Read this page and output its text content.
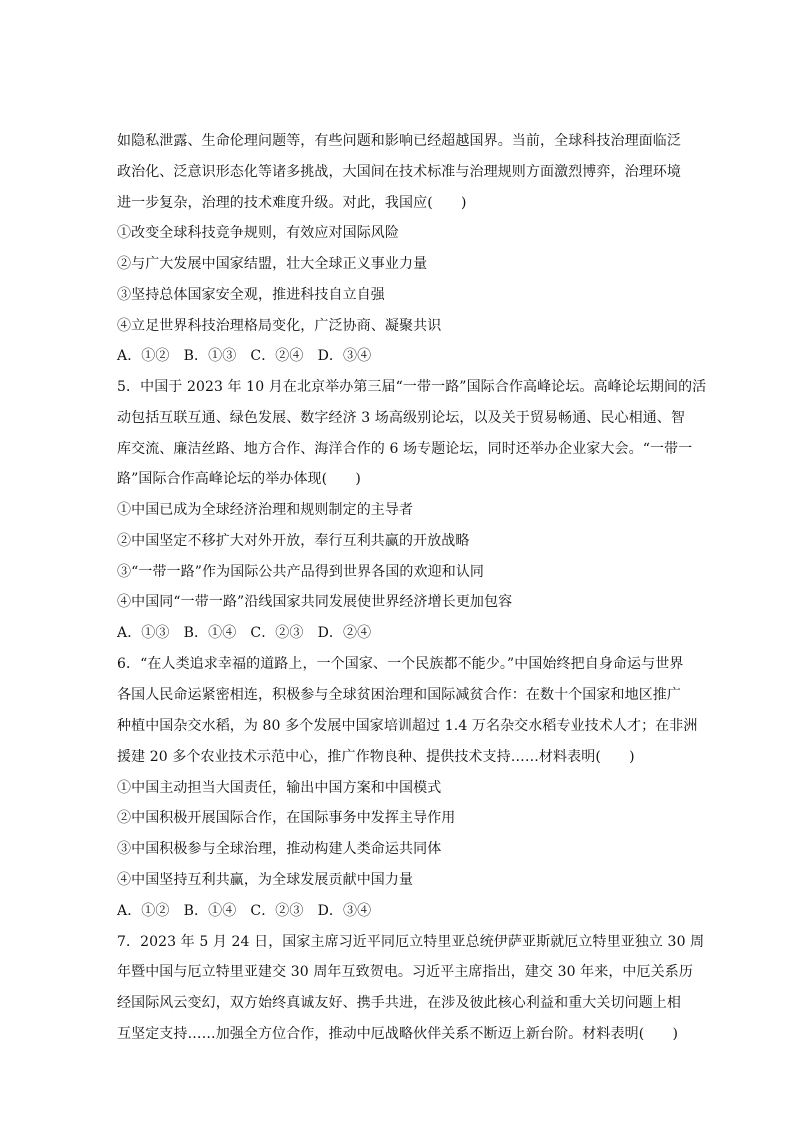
如隐私泄露、生命伦理问题等，有些问题和影响已经超越国界。当前，全球科技治理面临泛
政治化、泛意识形态化等诸多挑战，大国间在技术标准与治理规则方面激烈博弈，治理环境
进一步复杂，治理的技术难度升级。对此，我国应(　　)
①改变全球科技竞争规则，有效应对国际风险
②与广大发展中国家结盟，壮大全球正义事业力量
③坚持总体国家安全观，推进科技自立自强
④立足世界科技治理格局变化，广泛协商、凝聚共识
A．①②　B．①③　C．②④　D．③④
5．中国于 2023 年 10 月在北京举办第三届“一带一路”国际合作高峰论坛。高峰论坛期间的活
动包括互联互通、绿色发展、数字经济 3 场高级别论坛，以及关于贸易畅通、民心相通、智
库交流、廉洁丝路、地方合作、海洋合作的 6 场专题论坛，同时还举办企业家大会。“一带一
路”国际合作高峰论坛的举办体现(　　)
①中国已成为全球经济治理和规则制定的主导者
②中国坚定不移扩大对外开放，奉行互利共赢的开放战略
③“一带一路”作为国际公共产品得到世界各国的欢迎和认同
④中国同“一带一路”沿线国家共同发展使世界经济增长更加包容
A．①③　B．①④　C．②③　D．②④
6．“在人类追求幸福的道路上，一个国家、一个民族都不能少。”中国始终把自身命运与世界
各国人民命运紧密相连，积极参与全球贫困治理和国际减贫合作：在数十个国家和地区推广
种植中国杂交水稻，为 80 多个发展中国家培训超过 1.4 万名杂交水稻专业技术人才；在非洲
援建 20 多个农业技术示范中心，推广作物良种、提供技术支持……材料表明(　　)
①中国主动担当大国责任，输出中国方案和中国模式
②中国积极开展国际合作，在国际事务中发挥主导作用
③中国积极参与全球治理，推动构建人类命运共同体
④中国坚持互利共赢，为全球发展贡献中国力量
A．①②　B．①④　C．②③　D．③④
7．2023 年 5 月 24 日，国家主席习近平同厄立特里亚总统伊萨亚斯就厄立特里亚独立 30 周
年暨中国与厄立特里亚建交 30 周年互致贺电。习近平主席指出，建交 30 年来，中厄关系历
经国际风云变幻，双方始终真诚友好、携手共进，在涉及彼此核心利益和重大关切问题上相
互坚定支持……加强全方位合作，推动中厄战略伙伴关系不断迈上新台阶。材料表明(　　)
